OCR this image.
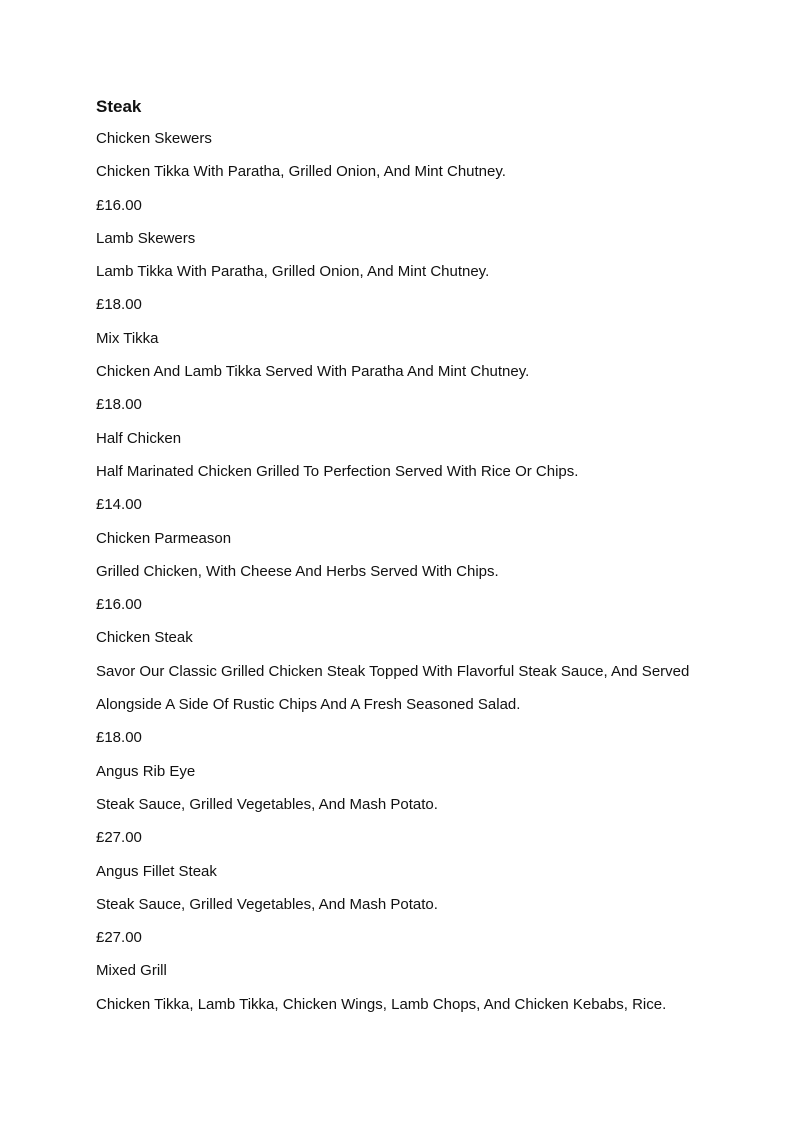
Steak
Chicken Skewers
Chicken Tikka With Paratha, Grilled Onion, And Mint Chutney.
£16.00
Lamb Skewers
Lamb Tikka With Paratha, Grilled Onion, And Mint Chutney.
£18.00
Mix Tikka
Chicken And Lamb Tikka Served With Paratha And Mint Chutney.
£18.00
Half Chicken
Half Marinated Chicken Grilled To Perfection Served With Rice Or Chips.
£14.00
Chicken Parmeason
Grilled Chicken, With Cheese And Herbs Served With Chips.
£16.00
Chicken Steak
Savor Our Classic Grilled Chicken Steak Topped With Flavorful Steak Sauce, And Served
Alongside A Side Of Rustic Chips And A Fresh Seasoned Salad.
£18.00
Angus Rib Eye
Steak Sauce, Grilled Vegetables, And Mash Potato.
£27.00
Angus Fillet Steak
Steak Sauce, Grilled Vegetables, And Mash Potato.
£27.00
Mixed Grill
Chicken Tikka, Lamb Tikka, Chicken Wings, Lamb Chops, And Chicken Kebabs, Rice.
